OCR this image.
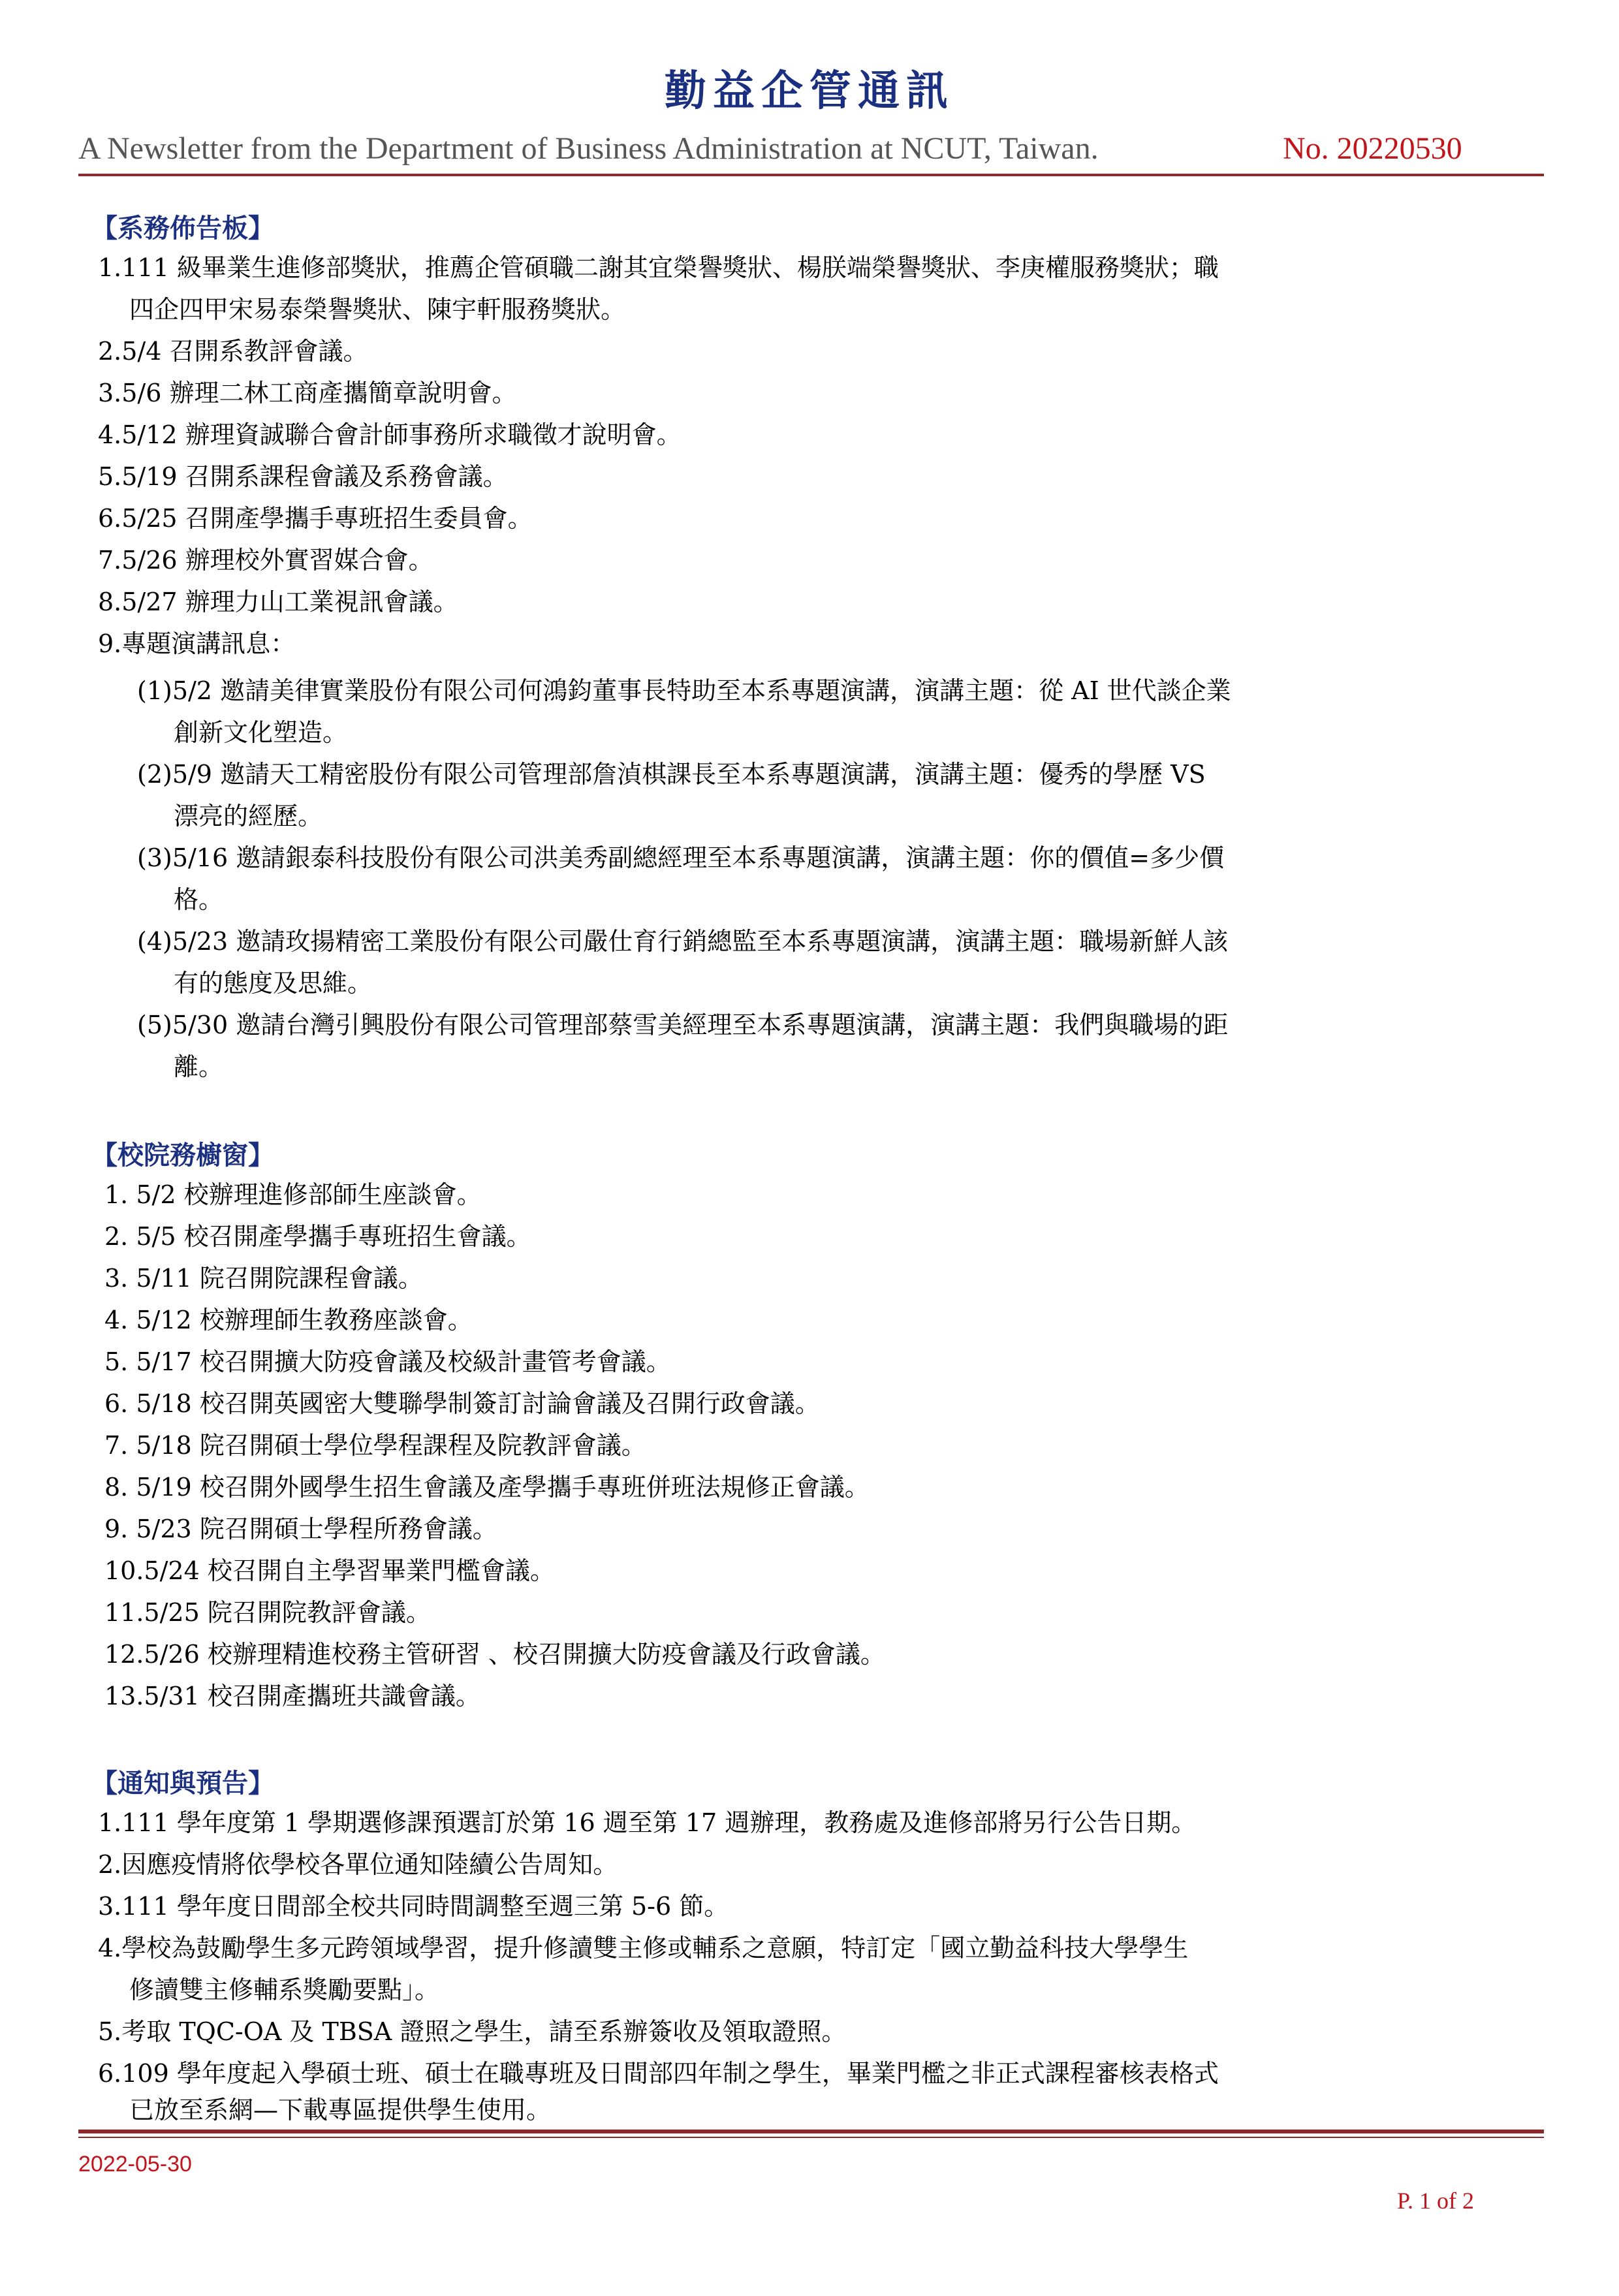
勤益企管通訊
A Newsletter from the Department of Business Administration at NCUT, Taiwan.	No. 20220530
【系務佈告板】
1.111 級畢業生進修部獎狀，推薦企管碩職二謝其宜榮譽獎狀、楊朕端榮譽獎狀、李庚權服務獎狀；職
四企四甲宋易泰榮譽獎狀、陳宇軒服務獎狀。
2.5/4 召開系教評會議。
3.5/6 辦理二林工商產攜簡章說明會。
4.5/12 辦理資誠聯合會計師事務所求職徵才說明會。
5.5/19 召開系課程會議及系務會議。
6.5/25 召開產學攜手專班招生委員會。
7.5/26 辦理校外實習媒合會。
8.5/27 辦理力山工業視訊會議。
9.專題演講訊息：
(1)5/2 邀請美律實業股份有限公司何鴻鈞董事長特助至本系專題演講，演講主題：從 AI 世代談企業
創新文化塑造。
(2)5/9 邀請天工精密股份有限公司管理部詹湞棋課長至本系專題演講，演講主題：優秀的學歷 VS
漂亮的經歷。
(3)5/16 邀請銀泰科技股份有限公司洪美秀副總經理至本系專題演講，演講主題：你的價值=多少價
格。
(4)5/23 邀請玫揚精密工業股份有限公司嚴仕育行銷總監至本系專題演講，演講主題：職場新鮮人該
有的態度及思維。
(5)5/30 邀請台灣引興股份有限公司管理部蔡雪美經理至本系專題演講，演講主題：我們與職場的距
離。
【校院務櫥窗】
1. 5/2 校辦理進修部師生座談會。
2. 5/5 校召開產學攜手專班招生會議。
3. 5/11 院召開院課程會議。
4. 5/12 校辦理師生教務座談會。
5. 5/17 校召開擴大防疫會議及校級計畫管考會議。
6. 5/18 校召開英國密大雙聯學制簽訂討論會議及召開行政會議。
7. 5/18 院召開碩士學位學程課程及院教評會議。
8. 5/19 校召開外國學生招生會議及產學攜手專班併班法規修正會議。
9. 5/23 院召開碩士學程所務會議。
10.5/24 校召開自主學習畢業門檻會議。
11.5/25 院召開院教評會議。
12.5/26 校辦理精進校務主管研習 、校召開擴大防疫會議及行政會議。
13.5/31 校召開產攜班共識會議。
【通知與預告】
1.111 學年度第 1 學期選修課預選訂於第 16 週至第 17 週辦理，教務處及進修部將另行公告日期。
2.因應疫情將依學校各單位通知陸續公告周知。
3.111 學年度日間部全校共同時間調整至週三第 5-6 節。
4.學校為鼓勵學生多元跨領域學習，提升修讀雙主修或輔系之意願，特訂定「國立勤益科技大學學生
修讀雙主修輔系獎勵要點」。
5.考取 TQC-OA 及 TBSA 證照之學生，請至系辦簽收及領取證照。
6.109 學年度起入學碩士班、碩士在職專班及日間部四年制之學生，畢業門檻之非正式課程審核表格式
已放至系網—下載專區提供學生使用。
2022-05-30
P. 1 of 2
